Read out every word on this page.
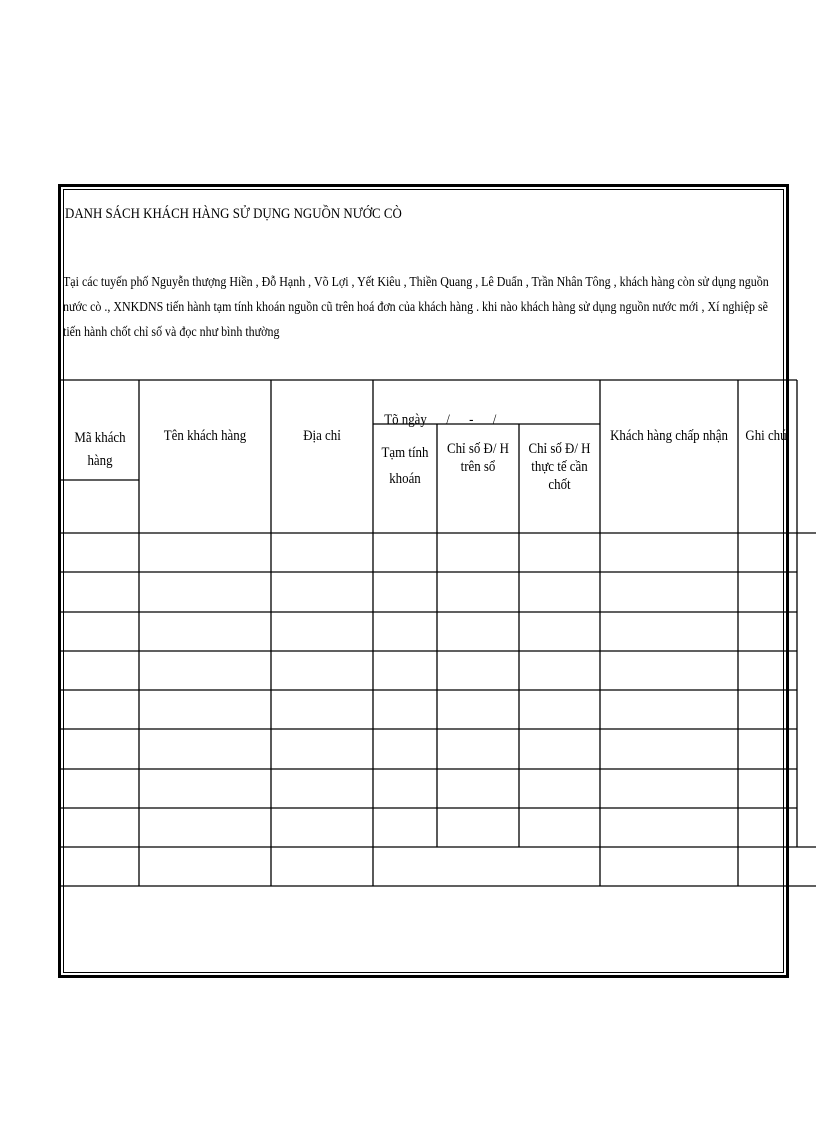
DANH SÁCH KHÁCH HÀNG SỬ DỤNG NGUỒN NƯỚC CÒ
Tại các tuyến phố Nguyễn thượng Hiền , Đỗ Hạnh , Võ Lợi , Yết Kiêu , Thiền Quang , Lê Duẩn , Trần Nhân Tông , khách hàng còn sử dụng nguồn nước cò ., XNKDNS tiến hành tạm tính khoán nguồn cũ trên hoá đơn của khách hàng . khi nào khách hàng sử dụng nguồn nước mới , Xí nghiệp sẽ tiến hành chốt chỉ số và đọc như bình thường
Mã khách hàng
Tên khách hàng	Địa chỉ

Tõ ngày /      -      /

Tạm tính khoán
Chỉ số Đ/ H trên sổ
Chỉ số Đ/ H thực tế cần chốt
Khách hàng chấp nhận Ghi chú
